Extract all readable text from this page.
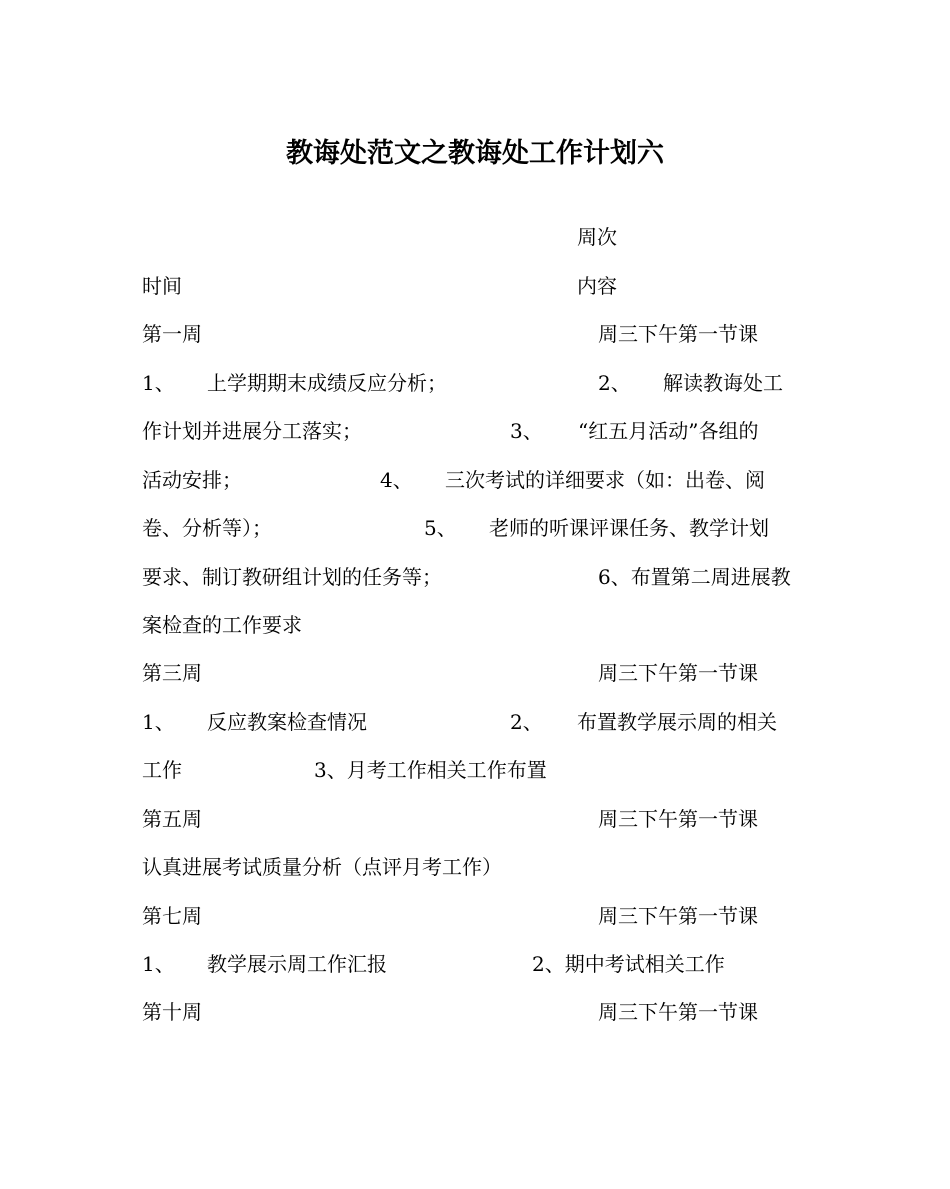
教诲处范文之教诲处工作计划六
周次
时间	内容
第一周	周三下午第一节课
1、 上学期期末成绩反应分析；	2、 解读教诲处工
作计划并进展分工落实；	3、 “红五月活动”各组的
活动安排；	4、 三次考试的详细要求（如：出卷、阅
卷、分析等）；	5、 老师的听课评课任务、教学计划
要求、制订教研组计划的任务等；	6、布置第二周进展教
案检查的工作要求
第三周	周三下午第一节课
1、 反应教案检查情况	2、 布置教学展示周的相关
工作	3、月考工作相关工作布置
第五周	周三下午第一节课
认真进展考试质量分析（点评月考工作）
第七周	周三下午第一节课
1、 教学展示周工作汇报	2、期中考试相关工作
第十周	周三下午第一节课
